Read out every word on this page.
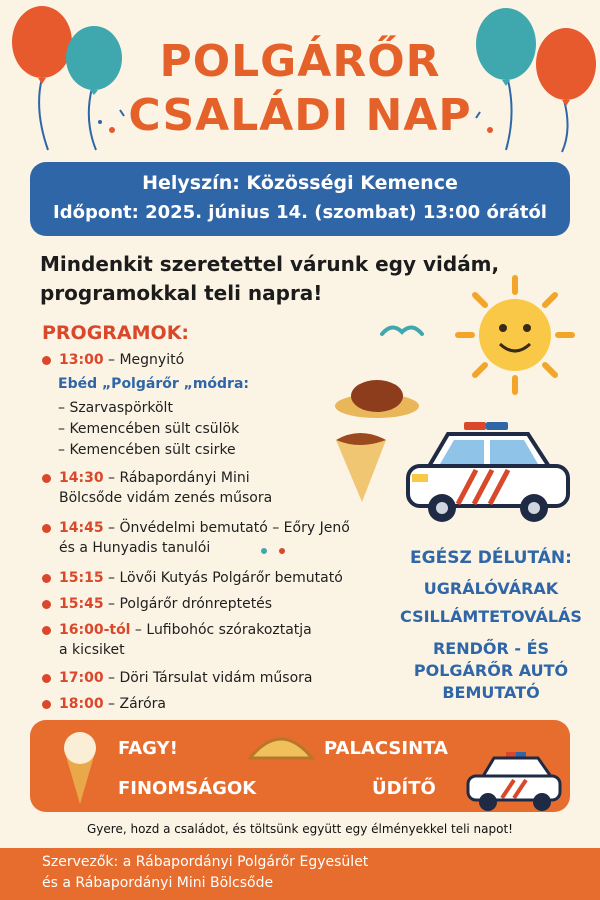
POLGÁRŐR
CSALÁDI NAP
Helyszín: Közösségi Kemence
Időpont: 2025. június 14. (szombat) 13:00 órától
Mindenkit szeretettel várunk egy vidám,
programokkal teli napra!
PROGRAMOK:
13:00 – Megnyitó
Ebéd „Polgárőr „módra:
– Szarvaspörkölt
– Kemencében sült csülök
– Kemencében sült csirke
14:30 – Rábapordányi Mini
Bölcsőde vidám zenés műsora
14:45 – Önvédelmi bemutató – Eőry Jenő
és a Hunyadis tanulói
15:15 – Lövői Kutyás Polgárőr bemutató
15:45 – Polgárőr drónreptetés
16:00-tól – Lufibohóc szórakoztatja
a kicsiket
17:00 – Döri Társulat vidám műsora
18:00 – Záróra
EGÉSZ DÉLUTÁN:
UGRÁLÓVÁRAK
CSILLÁMTETOVÁLÁS
RENDŐR - ÉS
POLGÁRŐR AUTÓ
BEMUTATÓ
FAGY!	PALACSINTA
FINOMSÁGOK	ÜDÍTŐ
Gyere, hozd a családot, és töltsünk együtt egy élményekkel teli napot!
Szervezők: a Rábapordányi Polgárőr Egyesület
és a Rábapordányi Mini Bölcsőde
